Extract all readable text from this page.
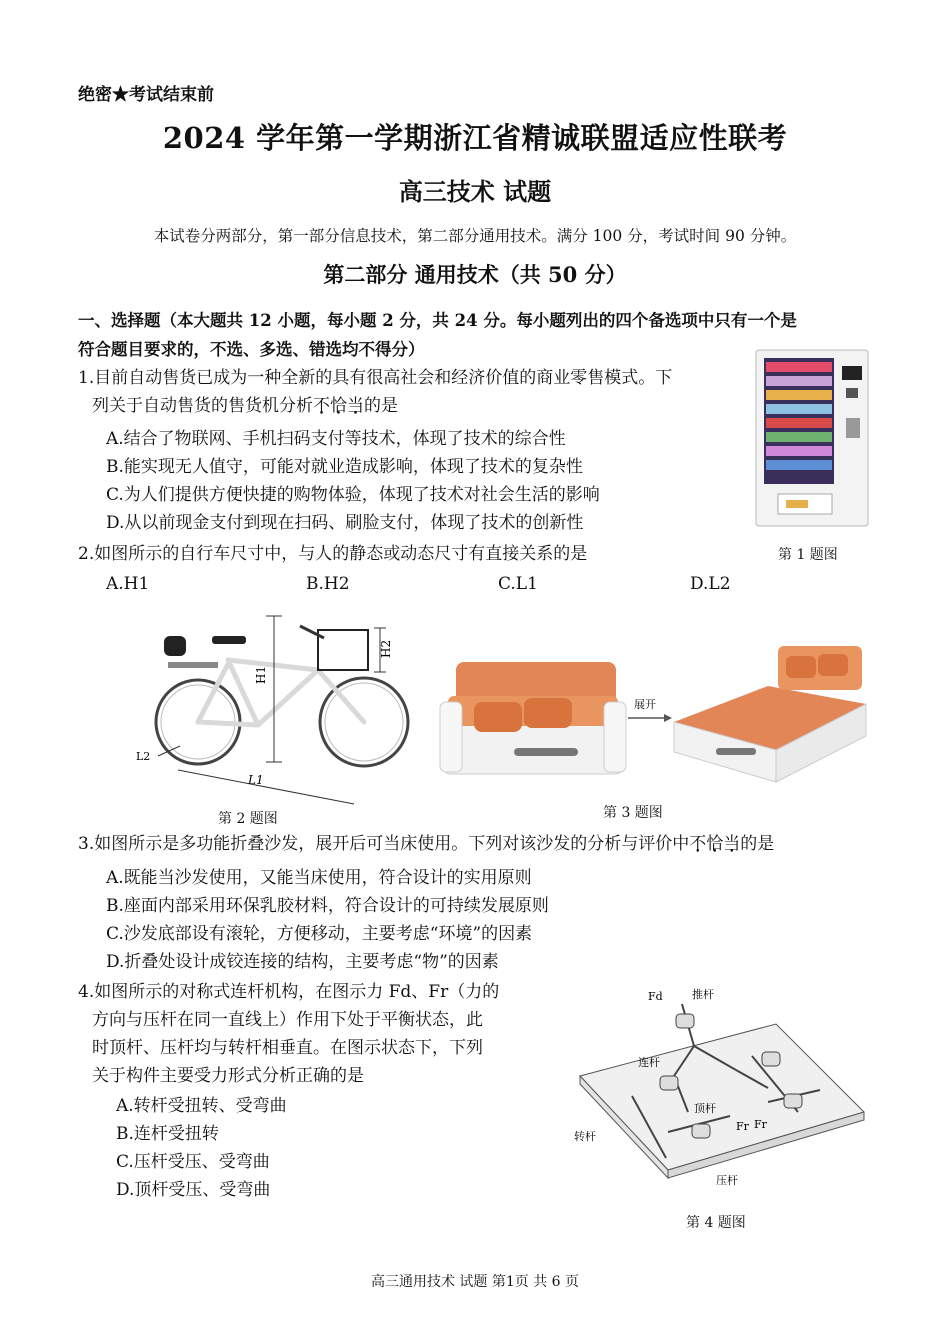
绝密★考试结束前
2024 学年第一学期浙江省精诚联盟适应性联考
高三技术 试题
本试卷分两部分，第一部分信息技术，第二部分通用技术。满分 100 分，考试时间 90 分钟。
第二部分 通用技术（共 50 分）
一、选择题（本大题共 12 小题，每小题 2 分，共 24 分。每小题列出的四个备选项中只有一个是
符合题目要求的，不选、多选、错选均不得分）
1.目前自动售货已成为一种全新的具有很高社会和经济价值的商业零售模式。下
列关于自动售货的售货机分析不恰当的是
A.结合了物联网、手机扫码支付等技术，体现了技术的综合性
B.能实现无人值守，可能对就业造成影响，体现了技术的复杂性
C.为人们提供方便快捷的购物体验，体现了技术对社会生活的影响
D.从以前现金支付到现在扫码、刷脸支付，体现了技术的创新性
第 1 题图
2.如图所示的自行车尺寸中，与人的静态或动态尺寸有直接关系的是
A.H1	B.H2	C.L1	D.L2
H1
H2
L1
L2
第 2 题图
展开
第 3 题图
3.如图所示是多功能折叠沙发，展开后可当床使用。下列对该沙发的分析与评价中不恰当的是
A.既能当沙发使用，又能当床使用，符合设计的实用原则
B.座面内部采用环保乳胶材料，符合设计的可持续发展原则
C.沙发底部设有滚轮，方便移动，主要考虑“环境”的因素
D.折叠处设计成铰连接的结构，主要考虑“物”的因素
4.如图所示的对称式连杆机构，在图示力 Fd、Fr（力的
方向与压杆在同一直线上）作用下处于平衡状态，此
时顶杆、压杆均与转杆相垂直。在图示状态下，下列
关于构件主要受力形式分析正确的是
A.转杆受扭转、受弯曲
B.连杆受扭转
C.压杆受压、受弯曲
D.顶杆受压、受弯曲
Fd	推杆
连杆
顶杆
转杆
Fr Fr
压杆
第 4 题图
高三通用技术 试题 第1页 共 6 页
